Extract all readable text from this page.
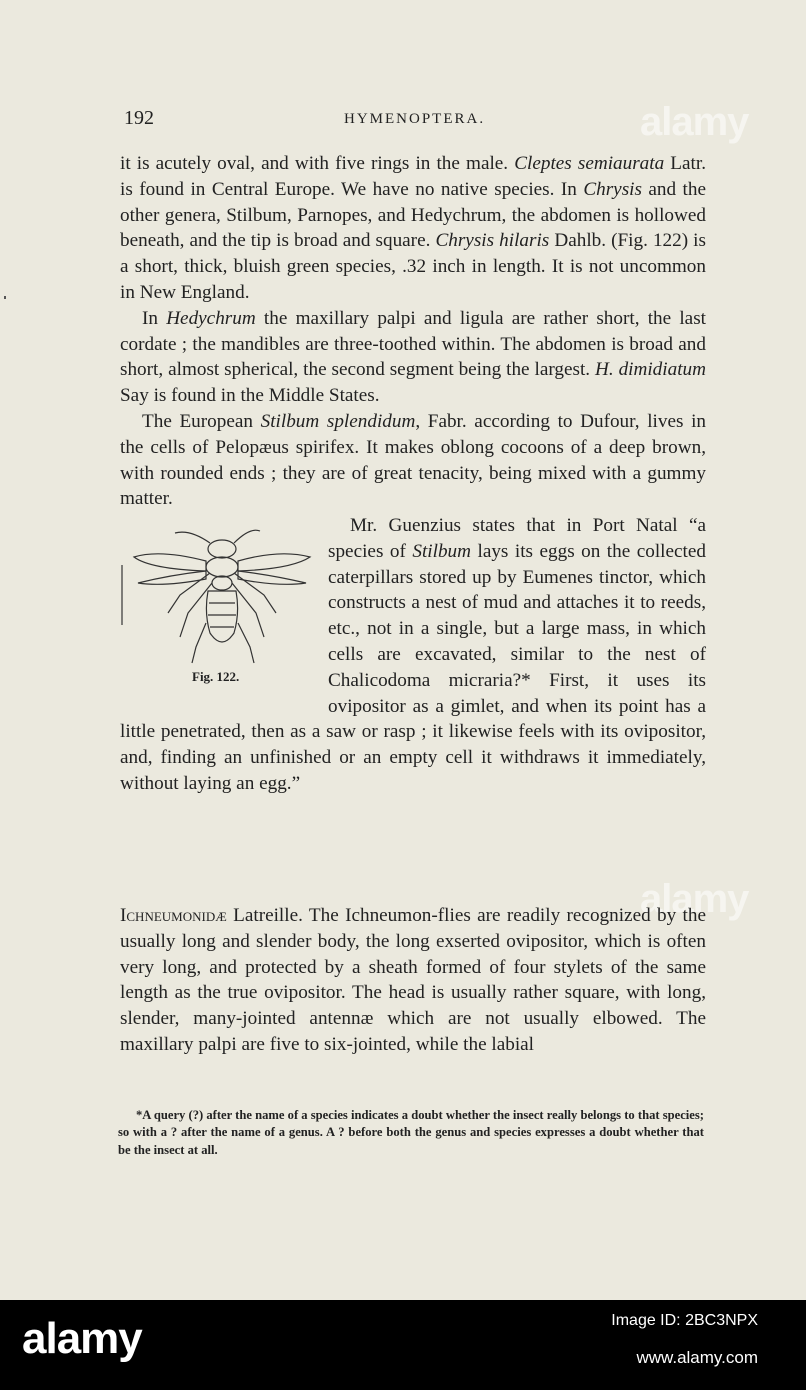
alamy
alamy
192	HYMENOPTERA.

it is acutely oval, and with five rings in the male. Cleptes semiaurata Latr. is found in Central Europe. We have no native species. In Chrysis and the other genera, Stilbum, Parnopes, and Hedychrum, the abdomen is hollowed beneath, and the tip is broad and square. Chrysis hilaris Dahlb. (Fig. 122) is a short, thick, bluish green species, .32 inch in length. It is not uncommon in New England.

In Hedychrum the maxillary palpi and ligula are rather short, the last cordate ; the mandibles are three-toothed within. The abdomen is broad and short, almost spherical, the second segment being the largest. H. dimidiatum Say is found in the Middle States.

The European Stilbum splendidum, Fabr. according to Dufour, lives in the cells of Pelopæus spirifex. It makes oblong cocoons of a deep brown, with rounded ends ; they are of great tenacity, being mixed with a gummy matter.

Fig. 122.

Mr. Guenzius states that in Port Natal “a species of Stilbum lays its eggs on the collected caterpillars stored up by Eumenes tinctor, which constructs a nest of mud and attaches it to reeds, etc., not in a single, but a large mass, in which cells are excavated, similar to the nest of Chalicodoma micraria?* First, it uses its ovipositor as a gimlet, and when its point has a little penetrated, then as a saw or rasp ; it likewise feels with its ovipositor, and, finding an unfinished or an empty cell it withdraws it immediately, without laying an egg.”

Ichneumonidæ Latreille. The Ichneumon-flies are readily recognized by the usually long and slender body, the long exserted ovipositor, which is often very long, and protected by a sheath formed of four stylets of the same length as the true ovipositor. The head is usually rather square, with long, slender, many-jointed antennæ which are not usually elbowed. The maxillary palpi are five to six-jointed, while the labial

*A query (?) after the name of a species indicates a doubt whether the insect really belongs to that species; so with a ? after the name of a genus. A ? before both the genus and species expresses a doubt whether that be the insect at all.

alamy	Image ID: 2BC3NPX
www.alamy.com
